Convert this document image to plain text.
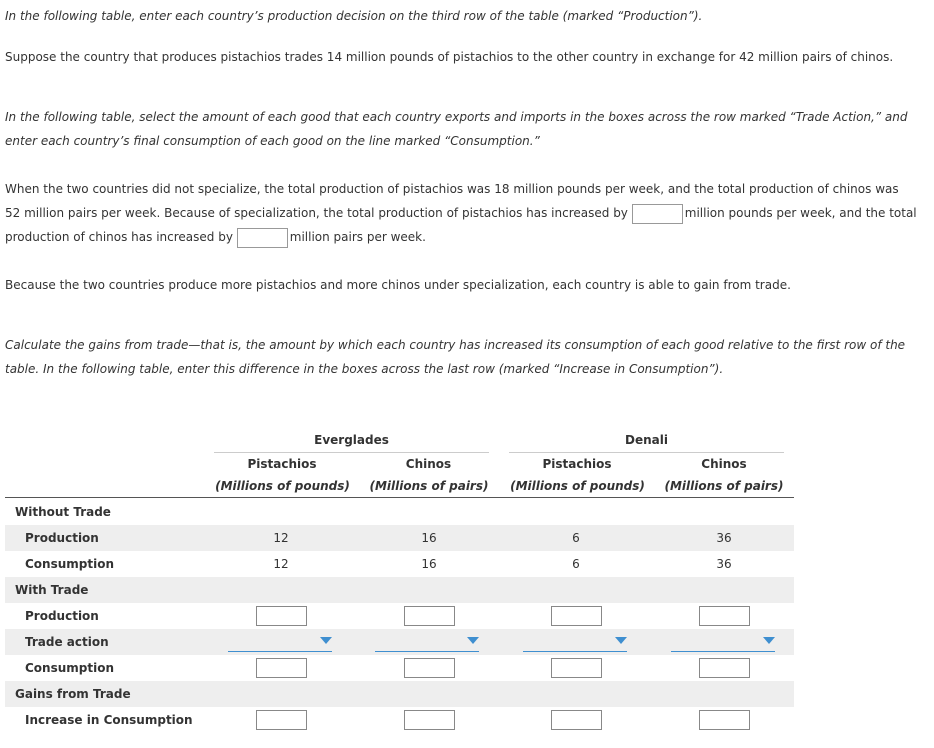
In the following table, enter each country’s production decision on the third row of the table (marked “Production”).

Suppose the country that produces pistachios trades 14 million pounds of pistachios to the other country in exchange for 42 million pairs of chinos.

In the following table, select the amount of each good that each country exports and imports in the boxes across the row marked “Trade Action,” and
enter each country’s final consumption of each good on the line marked “Consumption.”
When the two countries did not specialize, the total production of pistachios was 18 million pounds per week, and the total production of chinos was
52 million pairs per week. Because of specialization, the total production of pistachios has increased by	million pounds per week, and the total
production of chinos has increased by	million pairs per week.

Because the two countries produce more pistachios and more chinos under specialization, each country is able to gain from trade.

Calculate the gains from trade—that is, the amount by which each country has increased its consumption of each good relative to the first row of the
table. In the following table, enter this difference in the boxes across the last row (marked “Increase in Consumption”).
Everglades	Denali
Pistachios	Chinos	Pistachios	Chinos
(Millions of pounds)	(Millions of pairs)	(Millions of pounds)	(Millions of pairs)
Without Trade
Production	12	16	6	36
Consumption	12	16	6	36
With Trade
Production
Trade action
Consumption
Gains from Trade
Increase in Consumption
